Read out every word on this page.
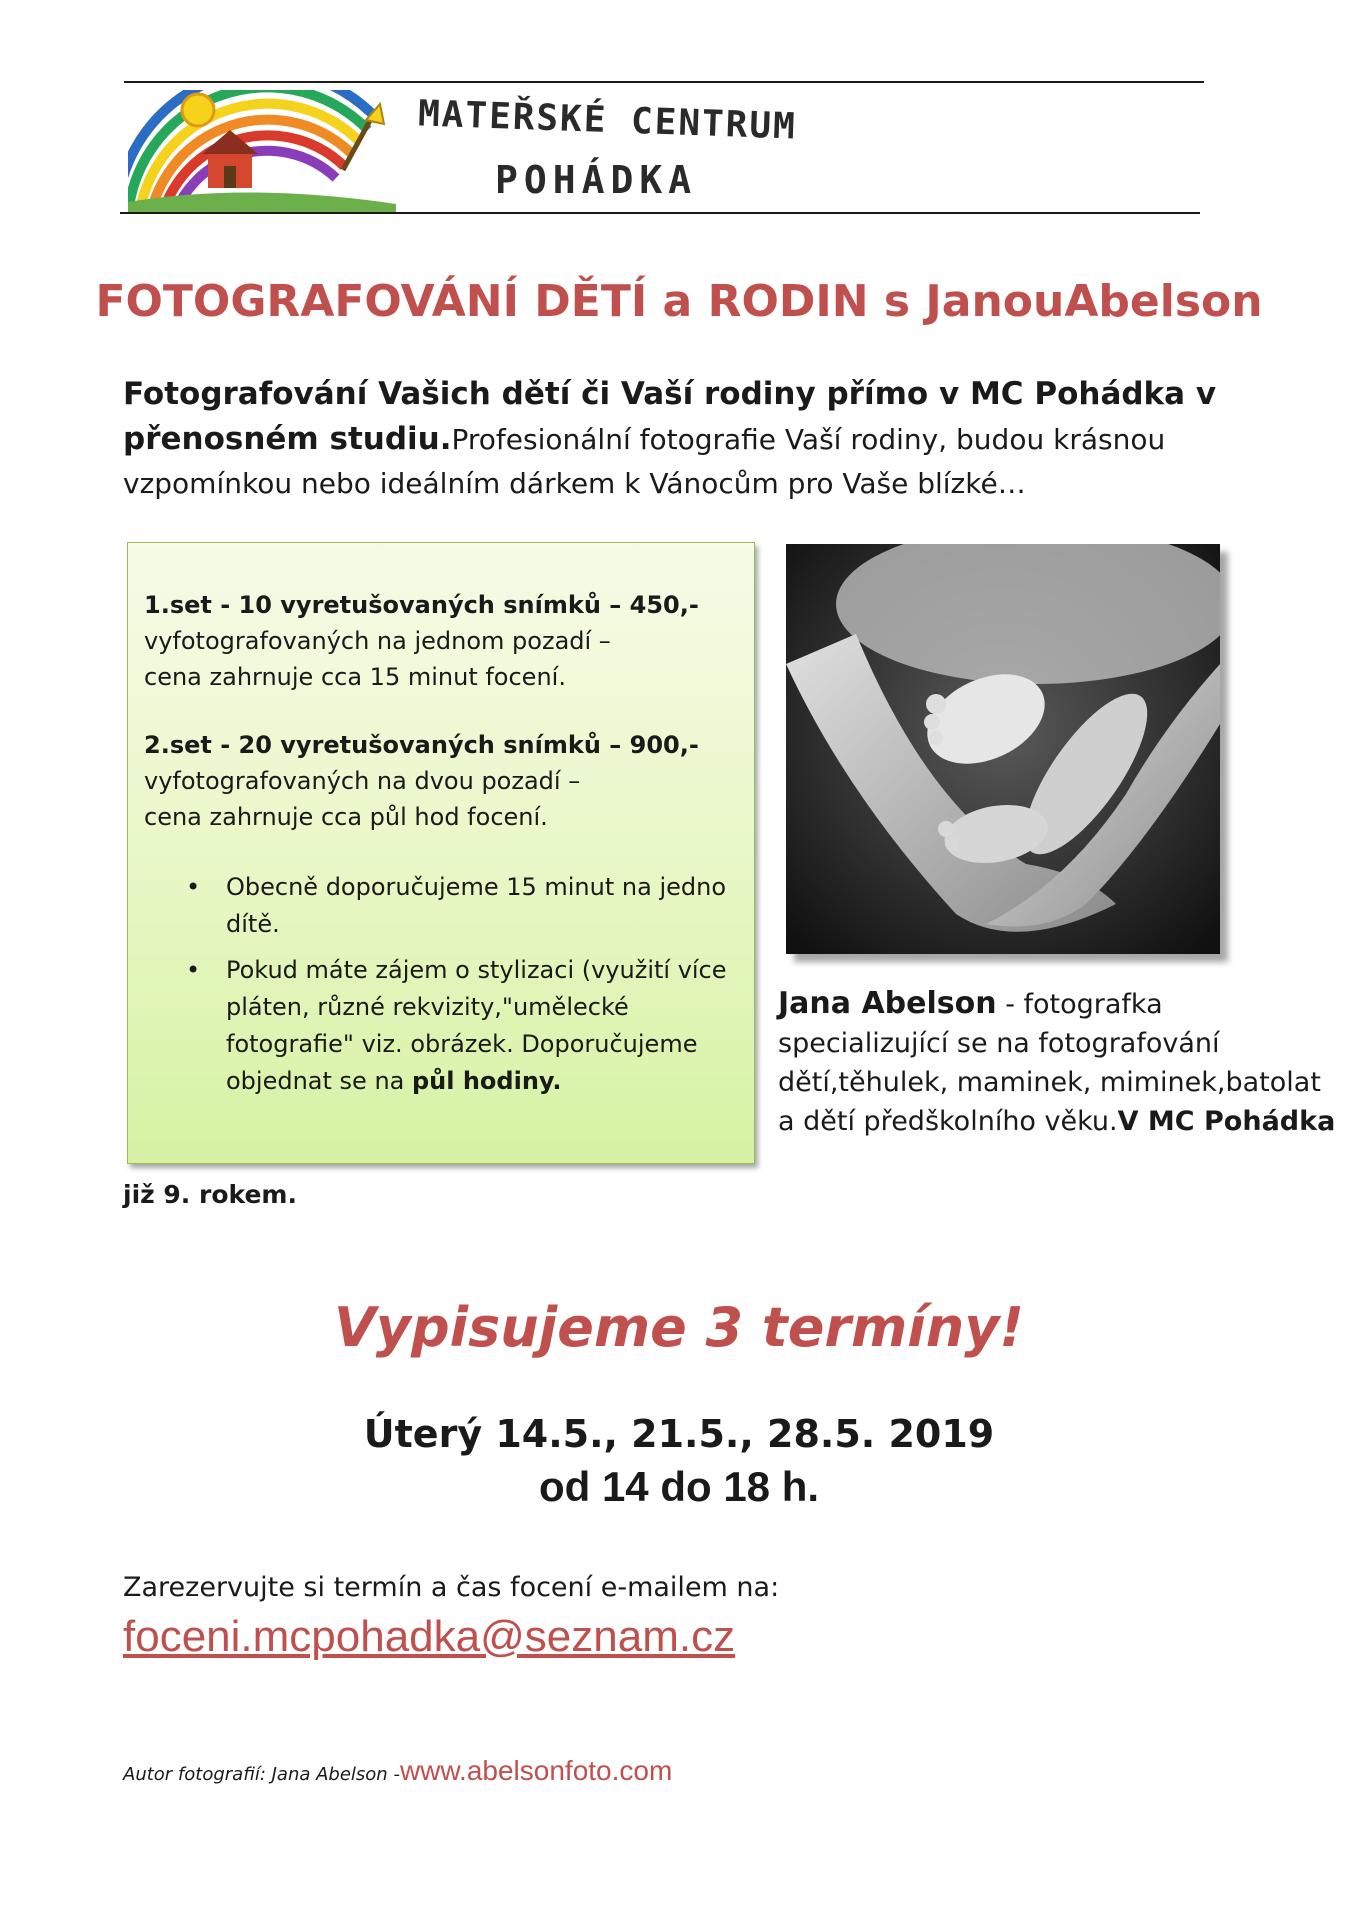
MATEŘSKÉ CENTRUM
POHÁDKA
FOTOGRAFOVÁNÍ DĚTÍ a RODIN s JanouAbelson
Fotografování Vašich dětí či Vaší rodiny přímo v MC Pohádka v přenosném studiu.Profesionální fotografie Vaší rodiny, budou krásnou vzpomínkou nebo ideálním dárkem k Vánocům pro Vaše blízké…
1.set - 10 vyretušovaných snímků – 450,-
vyfotografovaných na jednom pozadí –
cena zahrnuje cca 15 minut focení.
2.set - 20 vyretušovaných snímků – 900,-
vyfotografovaných na dvou pozadí –
cena zahrnuje cca půl hod focení.
• Obecně doporučujeme 15 minut na jedno dítě.
• Pokud máte zájem o stylizaci (využití více pláten, různé rekvizity,"umělecké fotografie" viz. obrázek. Doporučujeme objednat se na půl hodiny.
Jana Abelson - fotografka specializující se na fotografování dětí,těhulek, maminek, miminek,batolat a dětí předškolního věku.V MC Pohádka
již 9. rokem.
Vypisujeme 3 termíny!
Úterý 14.5., 21.5., 28.5. 2019
od 14 do 18 h.
Zarezervujte si termín a čas focení e-mailem na:
foceni.mcpohadka@seznam.cz
Autor fotografií: Jana Abelson -www.abelsonfoto.com
